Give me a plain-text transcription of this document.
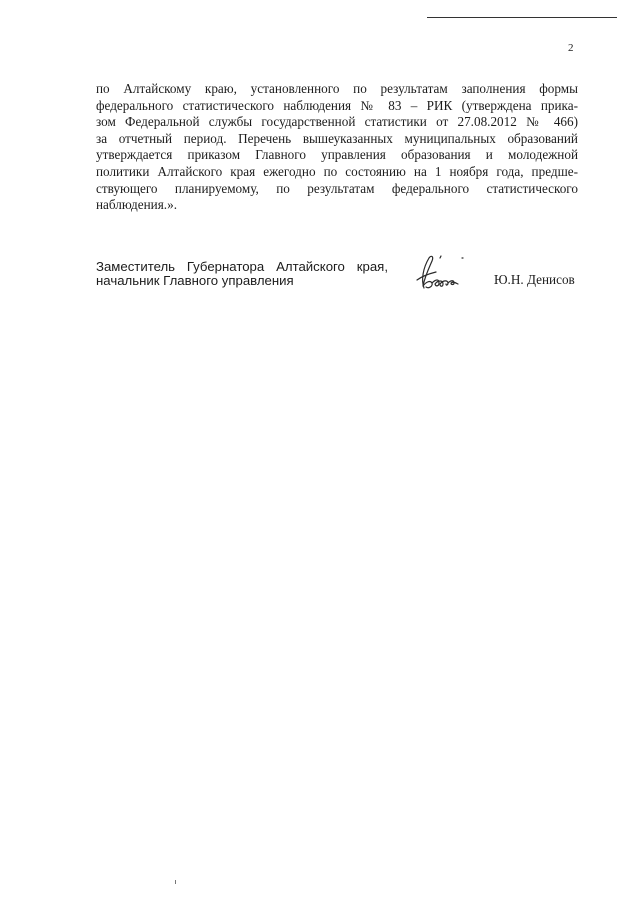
2
по Алтайскому краю, установленного по результатам заполнения формы
федерального статистического наблюдения № 83 – РИК (утверждена прика-
зом Федеральной службы государственной статистики от 27.08.2012 № 466)
за отчетный период. Перечень вышеуказанных муниципальных образований
утверждается приказом Главного управления образования и молодежной
политики Алтайского края ежегодно по состоянию на 1 ноября года, предше-
ствующего планируемому, по результатам федерального статистического
наблюдения.».
Заместитель Губернатора Алтайского края,
начальник Главного управления	Ю.Н. Денисов
